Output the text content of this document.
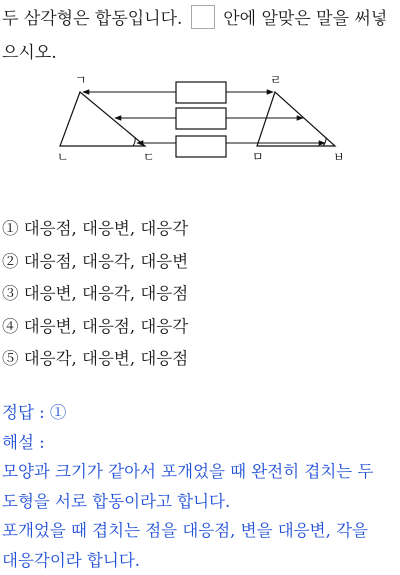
두 삼각형은 합동입니다. 안에 알맞은 말을 써넣으시오.
ㄱ
ㄴ	ㄷ
ㄹ
ㅁ	ㅂ
① 대응점, 대응변, 대응각
② 대응점, 대응각, 대응변
③ 대응변, 대응각, 대응점
④ 대응변, 대응점, 대응각
⑤ 대응각, 대응변, 대응점
정답 : ①
해설 :
모양과 크기가 같아서 포개었을 때 완전히 겹치는 두
도형을 서로 합동이라고 합니다.
포개었을 때 겹치는 점을 대응점, 변을 대응변, 각을
대응각이라 합니다.
